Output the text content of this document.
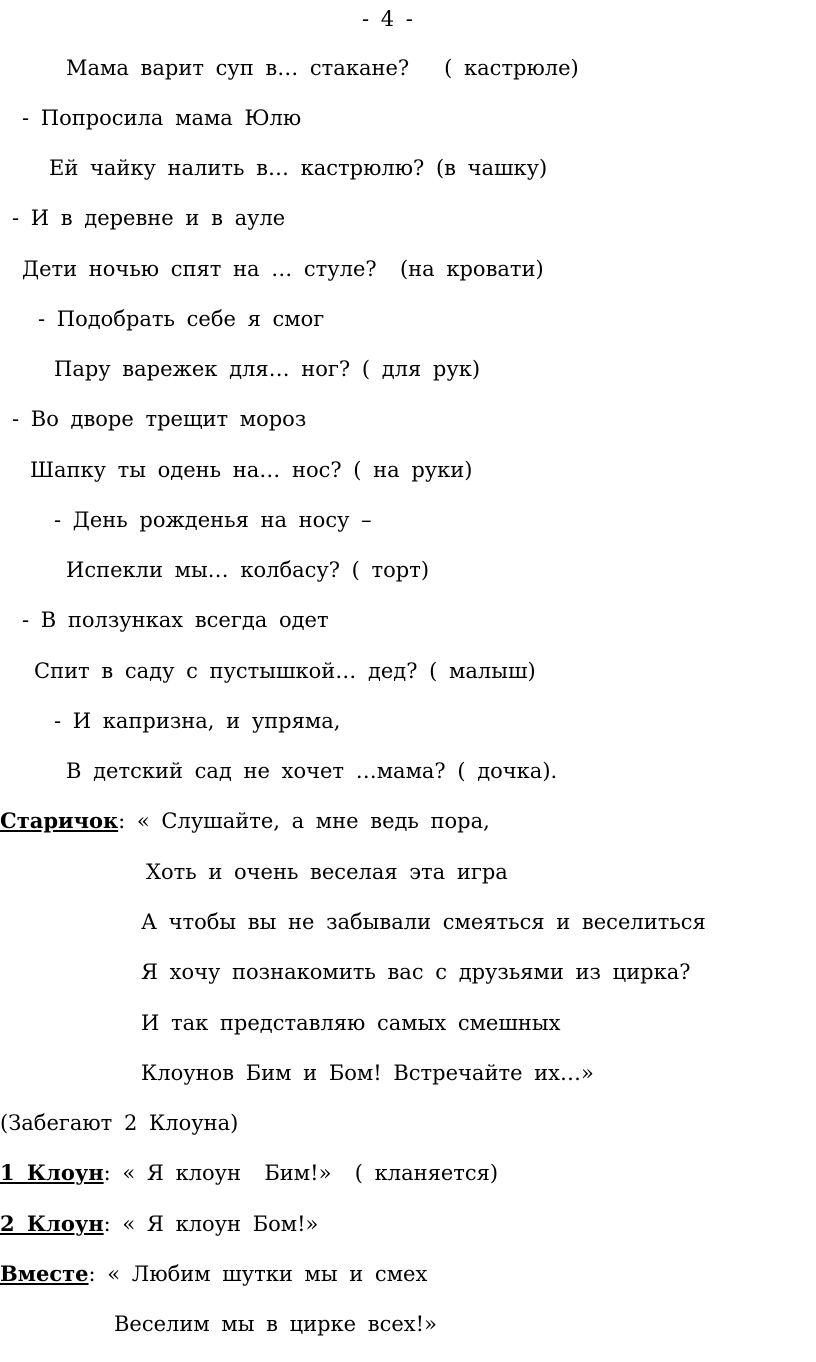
- 4 -
Мама варит суп в… стакане?   ( кастрюле)
- Попросила мама Юлю
Ей чайку налить в… кастрюлю? (в чашку)
- И в деревне и в ауле
Дети ночью спят на … стуле?  (на кровати)
- Подобрать себе я смог
Пару варежек для… ног? ( для рук)
- Во дворе трещит мороз
Шапку ты одень на… нос? ( на руки)
- День рожденья на носу –
Испекли мы… колбасу? ( торт)
- В ползунках всегда одет
Спит в саду с пустышкой… дед? ( малыш)
- И капризна, и упряма,
В детский сад не хочет …мама? ( дочка).
Старичок: « Слушайте, а мне ведь пора,
Хоть и очень веселая эта игра
А чтобы вы не забывали смеяться и веселиться
Я хочу познакомить вас с друзьями из цирка?
И так представляю самых смешных
Клоунов Бим и Бом! Встречайте их…»
(Забегают 2 Клоуна)
1 Клоун: « Я клоун  Бим!»  ( кланяется)
2 Клоун: « Я клоун Бом!»
Вместе: « Любим шутки мы и смех
Веселим мы в цирке всех!»
